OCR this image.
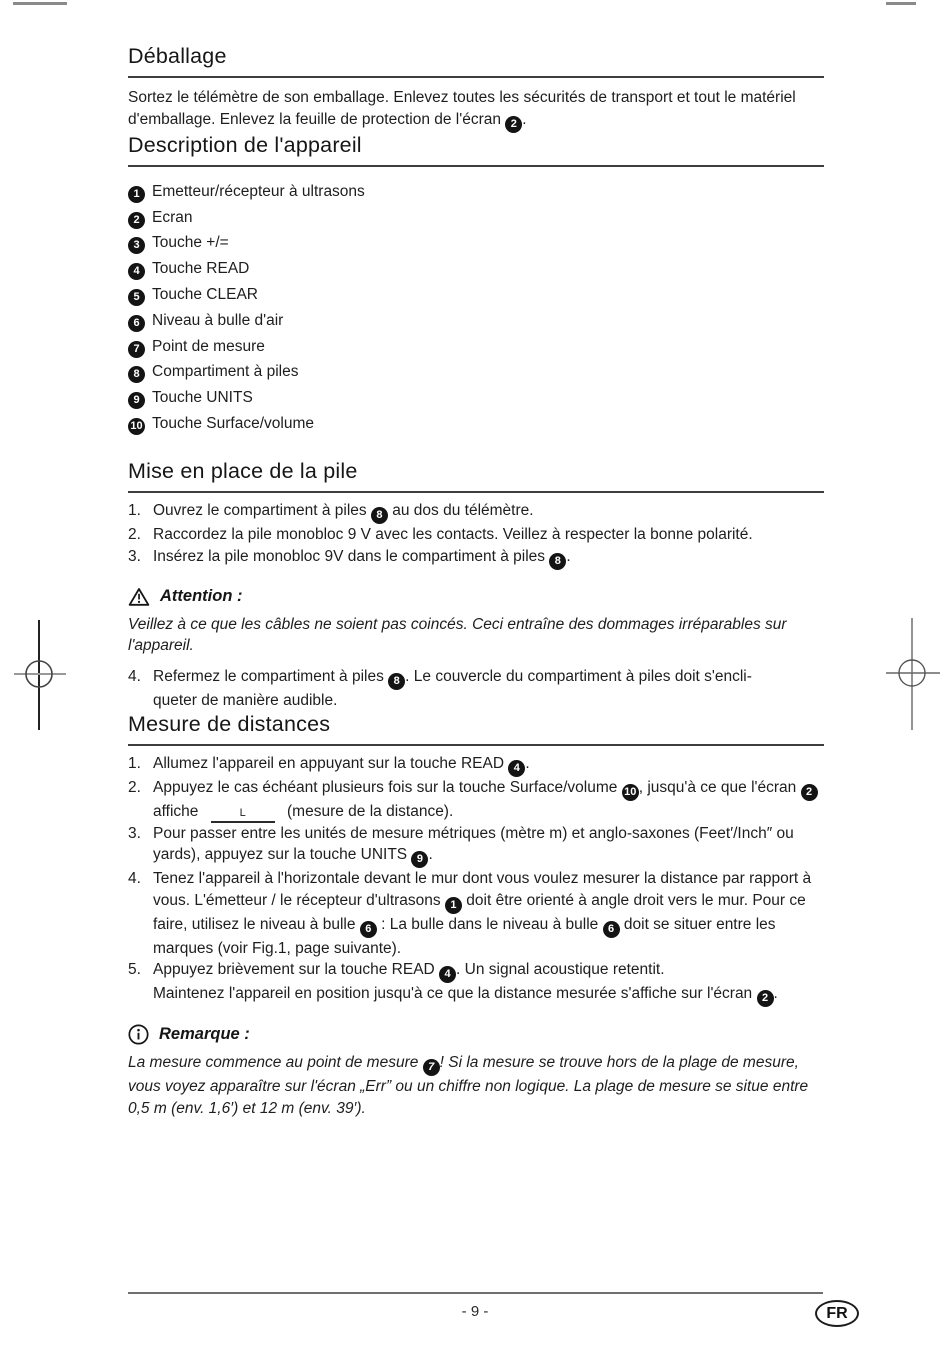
Déballage

Sortez le télémètre de son emballage. Enlevez toutes les sécurités de transport et tout le matériel d'emballage. Enlevez la feuille de protection de l'écran 2 .

Description de l'appareil
1 Emetteur/récepteur à ultrasons
2 Ecran
3 Touche +/=
4 Touche READ
5 Touche CLEAR
6 Niveau à bulle d'air
7 Point de mesure
8 Compartiment à piles
9 Touche UNITS
10 Touche Surface/volume
Mise en place de la pile
1. Ouvrez le compartiment à piles 8 au dos du télémètre.
2. Raccordez la pile monobloc 9 V avec les contacts. Veillez à respecter la bonne polarité.
3. Insérez la pile monobloc 9V dans le compartiment à piles 8 .
Attention :
Veillez à ce que les câbles ne soient pas coincés. Ceci entraîne des dommages irréparables sur l'appareil.
4. Refermez le compartiment à piles 8 . Le couvercle du compartiment à piles doit s'encli-
queter de manière audible.
Mesure de distances
1. Allumez l'appareil en appuyant sur la touche READ 4 .
2. Appuyez le cas échéant plusieurs fois sur la touche Surface/volume 10 , jusqu'à ce que l'écran 2 affiche	L (mesure de la distance).
3. Pour passer entre les unités de mesure métriques (mètre m) et anglo-saxones (Feet′/Inch″ ou yards), appuyez sur la touche UNITS 9 .
4. Tenez l'appareil à l'horizontale devant le mur dont vous voulez mesurer la distance par rapport à vous. L'émetteur / le récepteur d'ultrasons 1 doit être orienté à angle droit vers le mur. Pour ce faire, utilisez le niveau à bulle 6 : La bulle dans le niveau à bulle 6 doit se situer entre les marques (voir Fig.1, page suivante).
5. Appuyez brièvement sur la touche READ 4 . Un signal acoustique retentit.
Maintenez l'appareil en position jusqu'à ce que la distance mesurée s'affiche sur l'écran 2 .
Remarque :
La mesure commence au point de mesure 7 ! Si la mesure se trouve hors de la plage de mesure, vous voyez apparaître sur l'écran „Err” ou un chiffre non logique. La plage de mesure se situe entre 0,5 m (env. 1,6′) et 12 m (env. 39′).
- 9 -	FR
